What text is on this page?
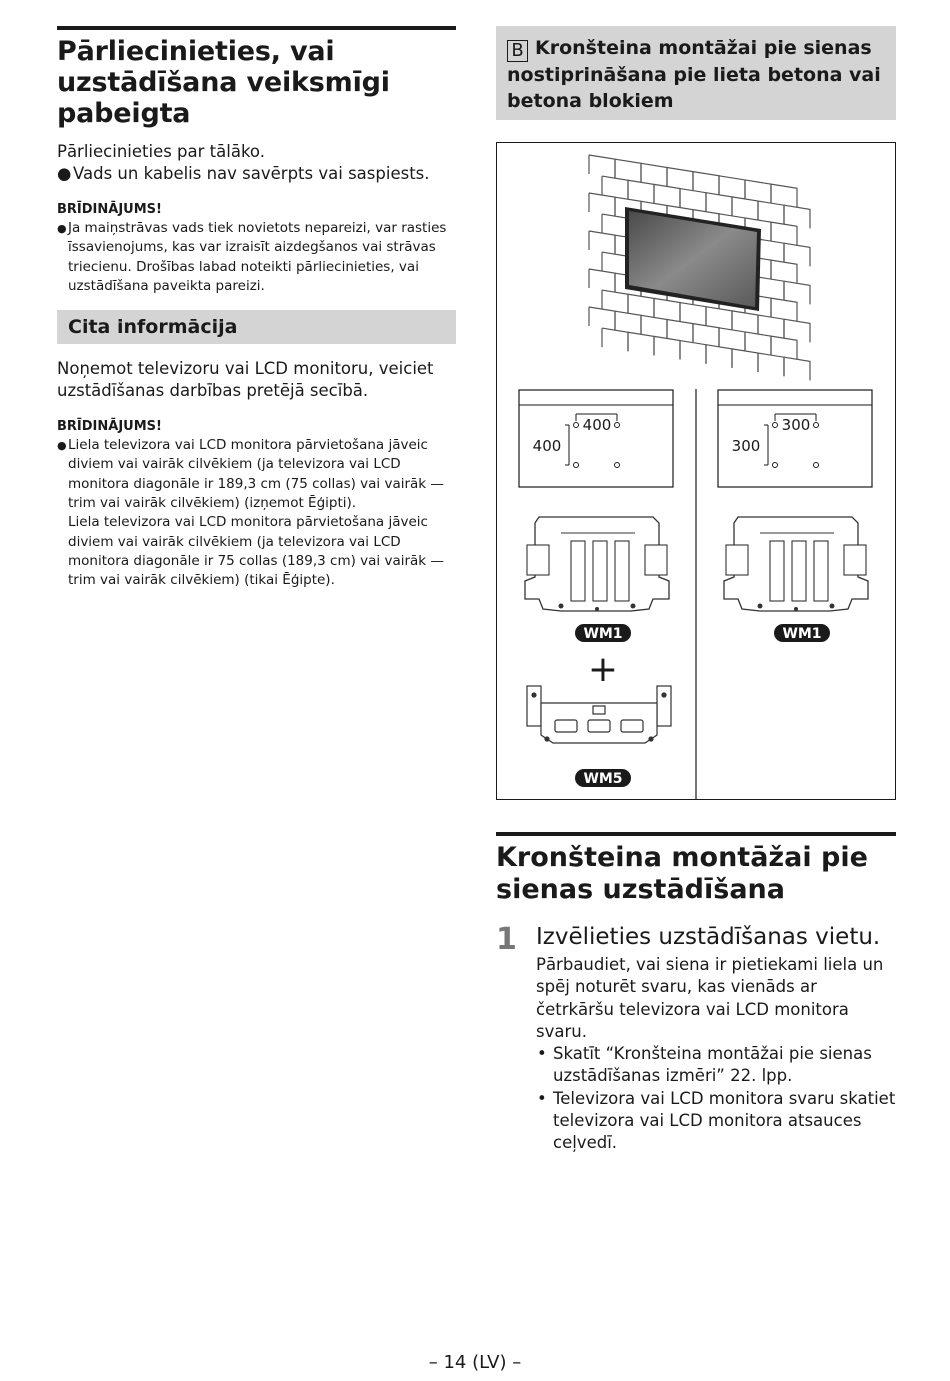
Pārliecinieties, vai uzstādīšana veiksmīgi pabeigta

Pārliecinieties par tālāko.

● Vads un kabelis nav savērpts vai saspiests.
BRĪDINĀJUMS!

● Ja maiņstrāvas vads tiek novietots nepareizi, var rasties īssavienojums, kas var izraisīt aizdegšanos vai strāvas triecienu. Drošības labad noteikti pārliecinieties, vai uzstādīšana paveikta pareizi.

Cita informācija

Noņemot televizoru vai LCD monitoru, veiciet uzstādīšanas darbības pretējā secībā.

BRĪDINĀJUMS!

● Liela televizora vai LCD monitora pārvietošana jāveic diviem vai vairāk cilvēkiem (ja televizora vai LCD monitora diagonāle ir 189,3 cm (75 collas) vai vairāk — trim vai vairāk cilvēkiem) (izņemot Ēģipti).
Liela televizora vai LCD monitora pārvietošana jāveic diviem vai vairāk cilvēkiem (ja televizora vai LCD monitora diagonāle ir 75 collas (189,3 cm) vai vairāk — trim vai vairāk cilvēkiem) (tikai Ēģipte).

B Kronšteina montāžai pie sienas nostiprināšana pie lieta betona vai betona blokiem
400
400
300
300
WM1	WM1
+
WM5
Kronšteina montāžai pie sienas uzstādīšana
1 Izvēlieties uzstādīšanas vietu.

Pārbaudiet, vai siena ir pietiekami liela un spēj noturēt svaru, kas vienāds ar četrkāršu televizora vai LCD monitora svaru.

• Skatīt “Kronšteina montāžai pie sienas uzstādīšanas izmēri” 22. lpp.
• Televizora vai LCD monitora svaru skatiet televizora vai LCD monitora atsauces ceļvedī.
– 14 (LV) –
